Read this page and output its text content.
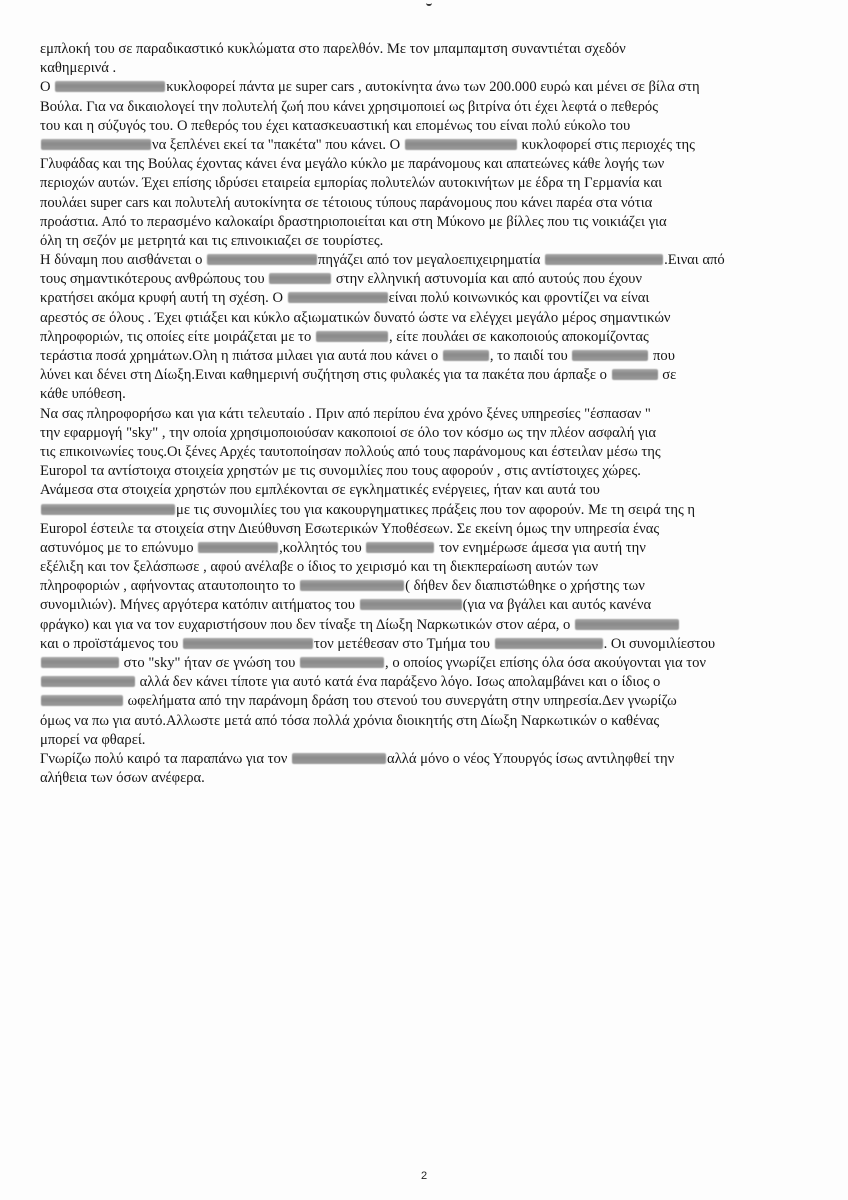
εμπλοκή του σε παραδικαστικό κυκλώματα στο παρελθόν. Με τον μπαμπαμτση συναντιέται σχεδόν
καθημερινά .
Ο	κυκλοφορεί πάντα με super cars , αυτοκίνητα άνω των 200.000 ευρώ και μένει σε βίλα στη
Βούλα. Για να δικαιολογεί την πολυτελή ζωή που κάνει χρησιμοποιεί ως βιτρίνα ότι έχει λεφτά ο πεθερός
του και η σύζυγός του. Ο πεθερός του έχει κατασκευαστική και επομένως του είναι πολύ εύκολο του
να ξεπλένει εκεί τα "πακέτα" που κάνει. Ο	κυκλοφορεί στις περιοχές της
Γλυφάδας και της Βούλας έχοντας κάνει ένα μεγάλο κύκλο με παράνομους και απατεώνες κάθε λογής των
περιοχών αυτών. Έχει επίσης ιδρύσει εταιρεία εμπορίας πολυτελών αυτοκινήτων με έδρα τη Γερμανία και
πουλάει super cars και πολυτελή αυτοκίνητα σε τέτοιους τύπους παράνομους που κάνει παρέα στα νότια
προάστια. Από το περασμένο καλοκαίρι δραστηριοποιείται και στη Μύκονο με βίλλες που τις νοικιάζει για
όλη τη σεζόν με μετρητά και τις επινοικιαζει σε τουρίστες.
Η δύναμη που αισθάνεται ο	πηγάζει από τον μεγαλοεπιχειρηματία	.Ειναι από
τους σημαντικότερους ανθρώπους του	στην ελληνική αστυνομία και από αυτούς που έχουν
κρατήσει ακόμα κρυφή αυτή τη σχέση. Ο	είναι πολύ κοινωνικός και φροντίζει να είναι
αρεστός σε όλους . Έχει φτιάξει και κύκλο αξιωματικών δυνατό ώστε να ελέγχει μεγάλο μέρος σημαντικών
πληροφοριών, τις οποίες είτε μοιράζεται με το	, είτε πουλάει σε κακοποιούς αποκομίζοντας
τεράστια ποσά χρημάτων.Ολη η πιάτσα μιλαει για αυτά που κάνει ο	, το παιδί του	που
λύνει και δένει στη Δίωξη.Ειναι καθημερινή συζήτηση στις φυλακές για τα πακέτα που άρπαξε ο	σε
κάθε υπόθεση.
Να σας πληροφορήσω και για κάτι τελευταίο . Πριν από περίπου ένα χρόνο ξένες υπηρεσίες "έσπασαν "
την εφαρμογή "sky" , την οποία χρησιμοποιούσαν κακοποιοί σε όλο τον κόσμο ως την πλέον ασφαλή για
τις επικοινωνίες τους.Οι ξένες Αρχές ταυτοποίησαν πολλούς από τους παράνομους και έστειλαν μέσω της
Europol τα αντίστοιχα στοιχεία χρηστών με τις συνομιλίες που τους αφορούν , στις αντίστοιχες χώρες.
Ανάμεσα στα στοιχεία χρηστών που εμπλέκονται σε εγκληματικές ενέργειες, ήταν και αυτά του
με τις συνομιλίες του για κακουργηματικες πράξεις που τον αφορούν. Με τη σειρά της η
Europol έστειλε τα στοιχεία στην Διεύθυνση Εσωτερικών Υποθέσεων. Σε εκείνη όμως την υπηρεσία ένας
αστυνόμος με το επώνυμο	,κολλητός του	τον ενημέρωσε άμεσα για αυτή την
εξέλιξη και τον ξελάσπωσε , αφού ανέλαβε ο ίδιος το χειρισμό και τη διεκπεραίωση αυτών των
πληροφοριών , αφήνοντας αταυτοποιητο το	( δήθεν δεν διαπιστώθηκε ο χρήστης των
συνομιλιών). Μήνες αργότερα κατόπιν αιτήματος του	(για να βγάλει και αυτός κανένα
φράγκο) και για να τον ευχαριστήσουν που δεν τίναξε τη Δίωξη Ναρκωτικών στον αέρα, ο
και ο προϊστάμενος του	τον μετέθεσαν στο Τμήμα του	. Οι συνομιλίεστου
στο "sky" ήταν σε γνώση του	, ο οποίος γνωρίζει επίσης όλα όσα ακούγονται για τον
αλλά δεν κάνει τίποτε για αυτό κατά ένα παράξενο λόγο. Ισως απολαμβάνει και ο ίδιος ο
ωφελήματα από την παράνομη δράση του στενού του συνεργάτη στην υπηρεσία.Δεν γνωρίζω
όμως να πω για αυτό.Αλλωστε μετά από τόσα πολλά χρόνια διοικητής στη Δίωξη Ναρκωτικών ο καθένας
μπορεί να φθαρεί.
Γνωρίζω πολύ καιρό τα παραπάνω για τον	αλλά μόνο ο νέος Υπουργός ίσως αντιληφθεί την
αλήθεια των όσων ανέφερα.
2
